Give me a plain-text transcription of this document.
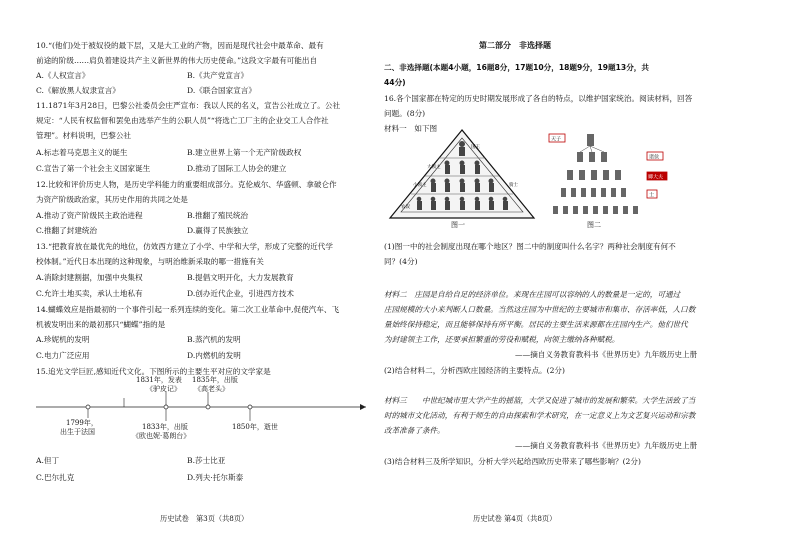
10.“(他们)处于被奴役的最下层，又是大工业的产物，因而是现代社会中最革命、最有
前途的阶级……肩负着建设共产主义新世界的伟大历史使命。”这段文字最有可能出自
A.《人权宣言》	B.《共产党宣言》
C.《解放黑人奴隶宣言》	D.《联合国家宣言》
11.1871年3月28日，巴黎公社委员会庄严宣布：我以人民的名义，宣告公社成立了。公社
规定：“人民有权监督和罢免由选举产生的公职人员”“将选亡工厂主的企业交工人合作社
管理”。材料说明，巴黎公社
A.标志着马克思主义的诞生	B.建立世界上第一个无产阶级政权
C.宣告了第一个社会主义国家诞生	D.推动了国际工人协会的建立
12.比较和评价历史人物，是历史学科能力的重要组成部分。克伦威尔、华盛顿、拿破仑作
为资产阶级政治家，其历史作用的共同之处是
A.推动了资产阶级民主政治进程	B.推翻了殖民统治
C.推翻了封建统治	D.赢得了民族独立
13.“把教育放在最优先的地位，仿效西方建立了小学、中学和大学，形成了完整的近代学
校体制。”近代日本出现的这种现象，与明治维新采取的哪一措施有关
A.消除封建割据，加强中央集权	B.提倡文明开化，大力发展教育
C.允许土地买卖，承认土地私有	D.创办近代企业，引进西方技术
14.蝴蝶效应是指最初的一个事件引起一系列连续的变化。第二次工业革命中,促使汽车、飞
机被发明出来的最初那只“蝴蝶”指的是
A.珍妮机的发明	B.蒸汽机的发明
C.电力广泛应用	D.内燃机的发明
15.追光文学巨匠,感知近代文化。下图所示的主要生平对应的文学家是
1831年，发表
《驴皮记》
1835年，出版
《高老头》
1799年，
出生于法国
1833年，出版
《欧也妮·葛朗台》
1850年，逝世
A.但丁	B.莎士比亚
C.巴尔扎克	D.列夫·托尔斯泰
历史试卷　第3页（共8页）
第二部分　非选择题
二、非选择题(本题4小题，16题8分，17题10分，18题9分，19题13分，共
44分)
16.各个国家都在特定的历史时期发展形成了各自的特点，以维护国家统治。阅读材料，回答
问题。(8分)
材料一　如下图
国王
大领主
小领主	骑士
农奴
图一
天子
诸侯
卿大夫
士
图二
(1)图一中的社会制度出现在哪个地区？图二中的制度叫什么名字？两种社会制度有何不
同？(4分)
材料二　庄园是自给自足的经济单位。来现在庄园可以容纳的人的数量是一定的，可通过
庄园规模的大小来判断人口数量。当然这庄园为中世纪的主要城市和集市、存活率低，人口数
量始终保持稳定，而且能够保持有所平衡。居民的主要生活来源都在庄园内生产。他们世代
为封建领主工作，还要承担繁重的劳役和赋税，向领主缴纳各种赋税。
——摘自义务教育教科书《世界历史》九年级历史上册
(2)结合材料二，分析西欧庄园经济的主要特点。(2分)
材料三　　中世纪城市里大学产生的摇篮，大学又促进了城市的发展和繁荣。大学生活致了当
时的城市文化活动，有利于师生的自由探索和学术研究，在一定意义上为文艺复兴运动和宗教
改革准备了条件。
——摘自义务教育教科书《世界历史》九年级历史上册
(3)结合材料三及所学知识，分析大学兴起给西欧历史带来了哪些影响？(2分)
历史试卷 第4页（共8页）
